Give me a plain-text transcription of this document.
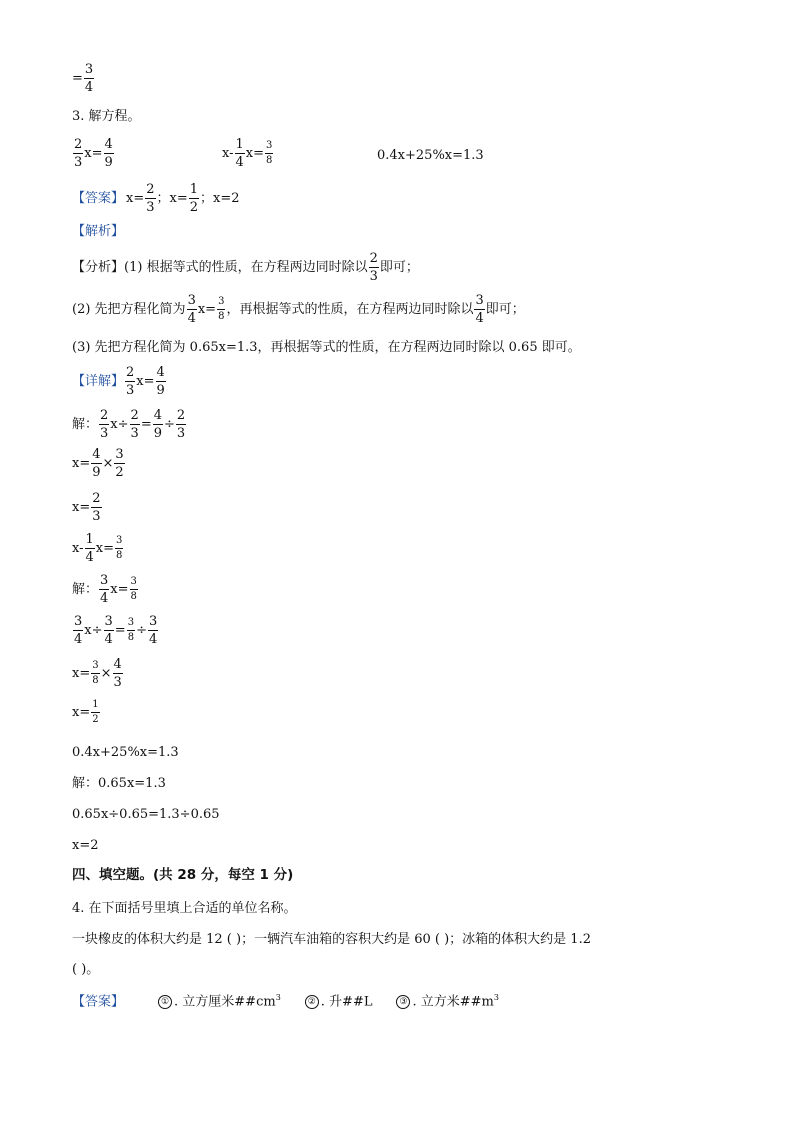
= $\frac{3}{4}$
3. 解方程。
$\frac{2}{3} x= \frac{4}{9}$	$x- \frac{1}{4} x= \frac{3}{8}$	0.4x+25%x=1.3
【答案】 $x= \frac{2}{3}$ ；$x= \frac{1}{2}$ ；x=2
【解析】
【分析】(1) 根据等式的性质，在方程两边同时除以 $\frac{2}{3}$ 即可；
(2) 先把方程化简为 $\frac{3}{4} x= \frac{3}{8}$ ，再根据等式的性质，在方程两边同时除以 $\frac{3}{4}$ 即可；
(3) 先把方程化简为 0.65x=1.3，再根据等式的性质，在方程两边同时除以 0.65 即可。
【详解】 $\frac{2}{3} x= \frac{4}{9}$
解： $\frac{2}{3} x\div \frac{2}{3} = \frac{4}{9} \div \frac{2}{3}$
$x= \frac{4}{9} \times \frac{3}{2}$
$x= \frac{2}{3}$
$x- \frac{1}{4} x= \frac{3}{8}$
解： $\frac{3}{4} x= \frac{3}{8}$
$\frac{3}{4} x\div \frac{3}{4} = \frac{3}{8} \div \frac{3}{4}$
$x= \frac{3}{8} \times \frac{4}{3}$
$x= \frac{1}{2}$
0.4x+25%x=1.3
解：0.65x=1.3
0.65x÷0.65=1.3÷0.65
x=2
四、填空题。(共 28 分，每空 1 分)
4. 在下面括号里填上合适的单位名称。
一块橡皮的体积大约是 12 ( )；一辆汽车油箱的容积大约是 60 ( )；冰箱的体积大约是 1.2
( )。
【答案】	① . 立方厘米$\#\#cm^3$	② . 升##L	③ . 立方米$\#\#m^3$
